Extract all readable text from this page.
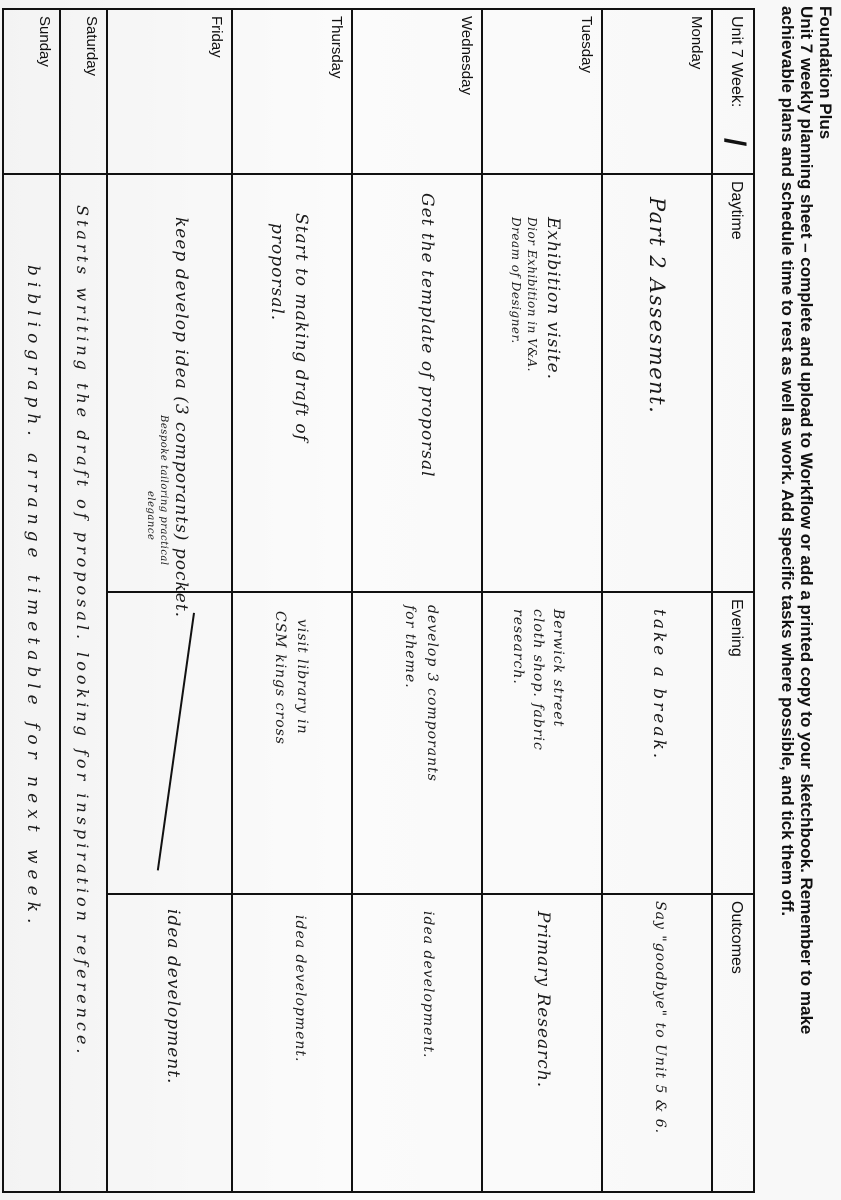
Foundation Plus
Unit 7 weekly planning sheet – complete and upload to Workflow or add a printed copy to your sketchbook. Remember to make
achievable plans and schedule time to rest as well as work. Add specific tasks where possible, and tick them off.
Unit 7 Week:
/	Daytime	Evening	Outcomes
Monday	Part 2 Assesment.	take a break.	Say "goodbye" to Unit 5 & 6.

Tuesday	Exhibition visite.
Dior Exhibition in V&A.
Dream of Designer.	Berwick street
cloth shop. fabric
research.	Primary Research.

Wednesday	Get the template of proporsal	develop 3 comporants
for theme.	idea development.

Thursday	Start to making draft of
proporsal.	visit library in
CSM kings cross	idea development.

Friday	keep develop idea (3 comporants) pocket.
Bespoke tailoring practical
elegance		idea development.

Saturday	Starts writing the draft of proposal. looking for inspiration reference.		

Sunday	bibliograph. arrange timetable for next week.		
